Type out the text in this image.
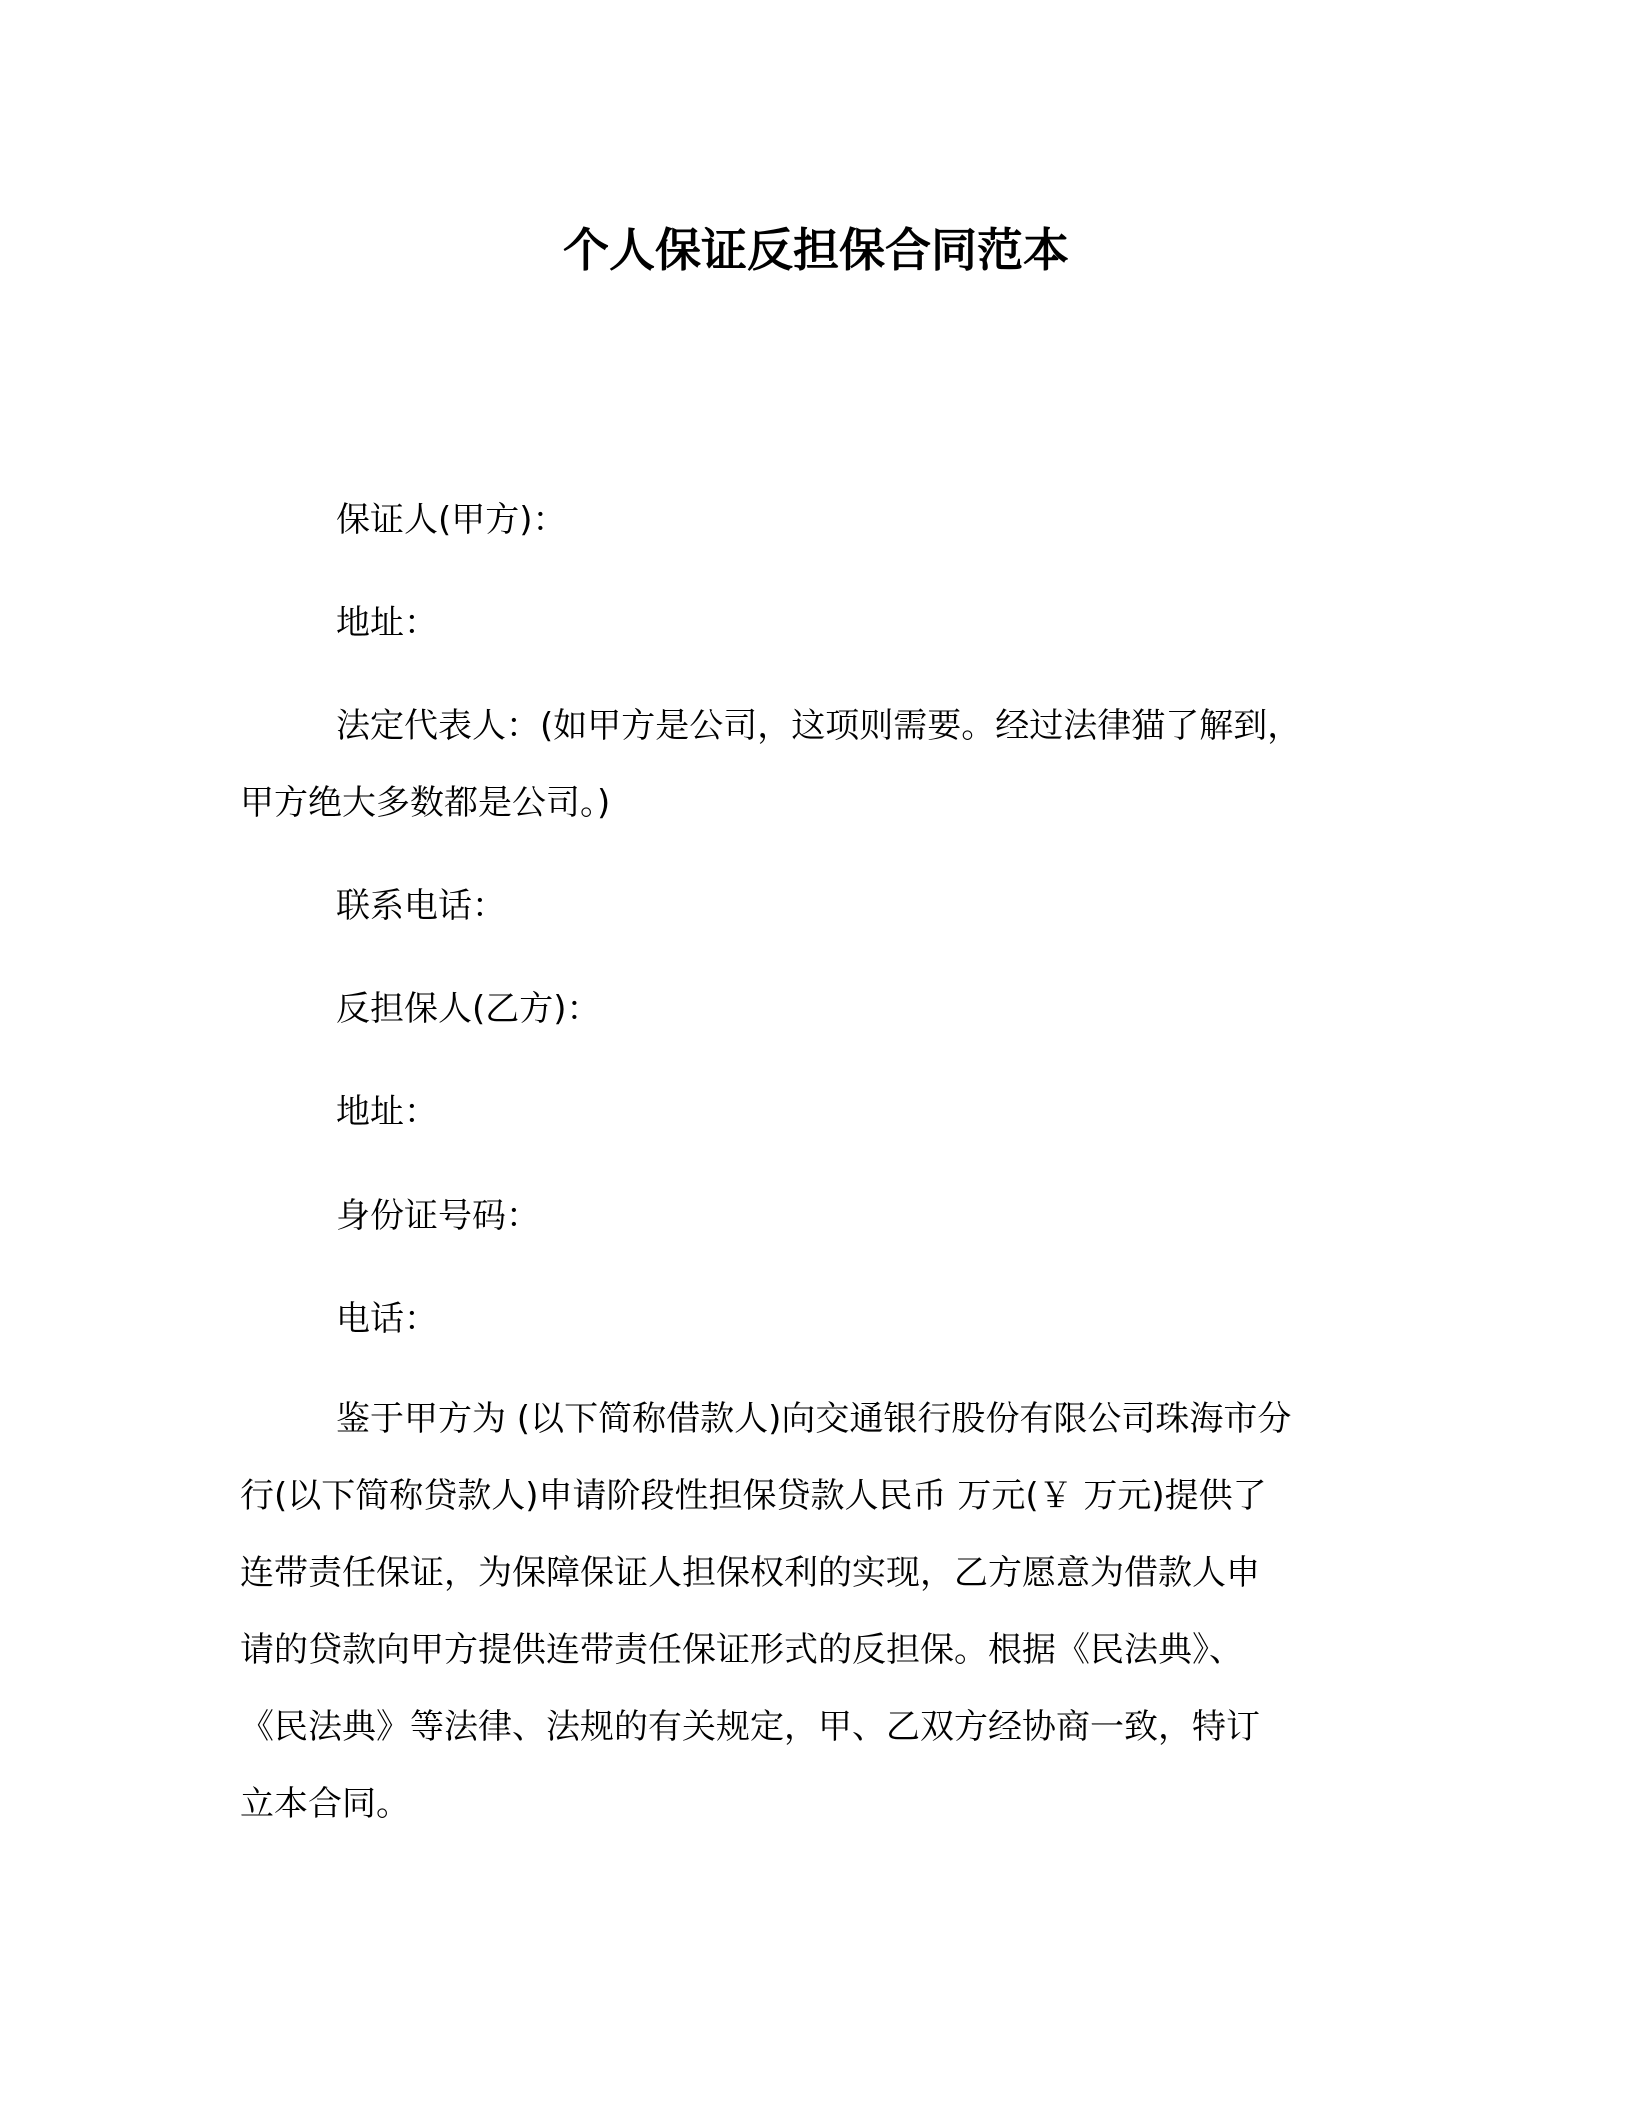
个人保证反担保合同范本
保证人(甲方)：
地址：
法定代表人：(如甲方是公司，这项则需要。经过法律猫了解到，
甲方绝大多数都是公司。)
联系电话：
反担保人(乙方)：
地址：
身份证号码：
电话：
鉴于甲方为 (以下简称借款人)向交通银行股份有限公司珠海市分
行(以下简称贷款人)申请阶段性担保贷款人民币 万元(￥ 万元)提供了
连带责任保证，为保障保证人担保权利的实现，乙方愿意为借款人申
请的贷款向甲方提供连带责任保证形式的反担保。根据《民法典》、
《民法典》等法律、法规的有关规定，甲、乙双方经协商一致，特订
立本合同。
